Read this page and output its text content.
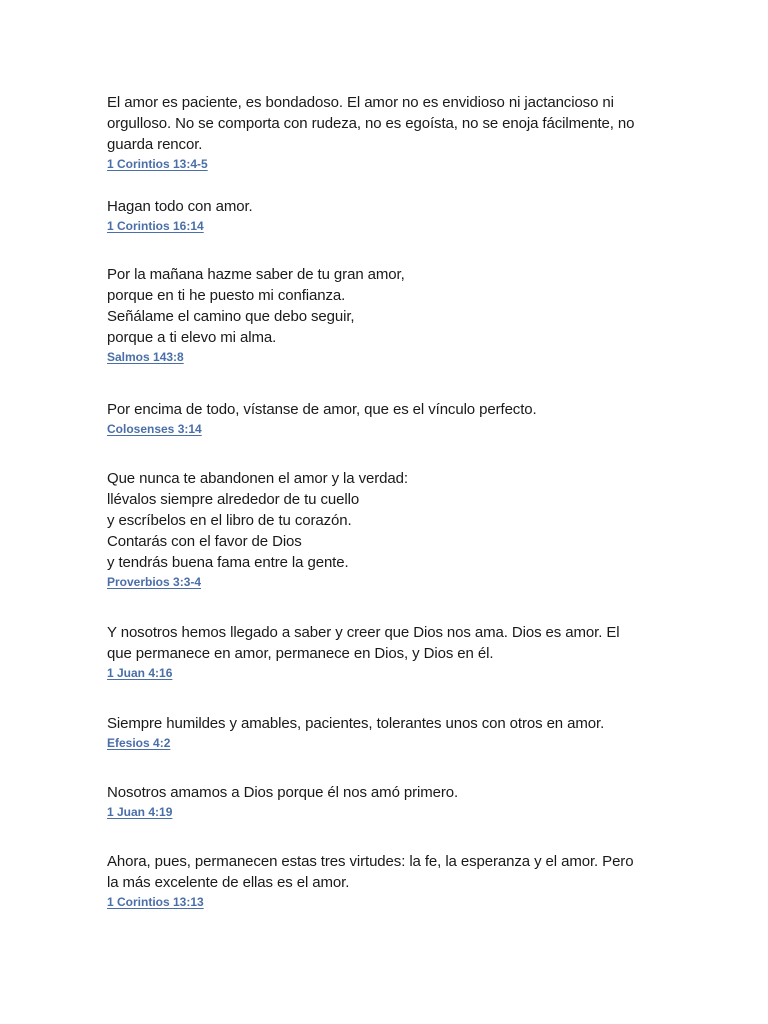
El amor es paciente, es bondadoso. El amor no es envidioso ni jactancioso ni
orgulloso. No se comporta con rudeza, no es egoísta, no se enoja fácilmente, no
guarda rencor.

1 Corintios 13:4-5

Hagan todo con amor.

1 Corintios 16:14

Por la mañana hazme saber de tu gran amor,
porque en ti he puesto mi confianza.
Señálame el camino que debo seguir,
porque a ti elevo mi alma.

Salmos 143:8

Por encima de todo, vístanse de amor, que es el vínculo perfecto.

Colosenses 3:14

Que nunca te abandonen el amor y la verdad:
llévalos siempre alrededor de tu cuello
y escríbelos en el libro de tu corazón.
Contarás con el favor de Dios
y tendrás buena fama entre la gente.

Proverbios 3:3-4

Y nosotros hemos llegado a saber y creer que Dios nos ama. Dios es amor. El
que permanece en amor, permanece en Dios, y Dios en él.

1 Juan 4:16

Siempre humildes y amables, pacientes, tolerantes unos con otros en amor.

Efesios 4:2

Nosotros amamos a Dios porque él nos amó primero.

1 Juan 4:19

Ahora, pues, permanecen estas tres virtudes: la fe, la esperanza y el amor. Pero
la más excelente de ellas es el amor.

1 Corintios 13:13
